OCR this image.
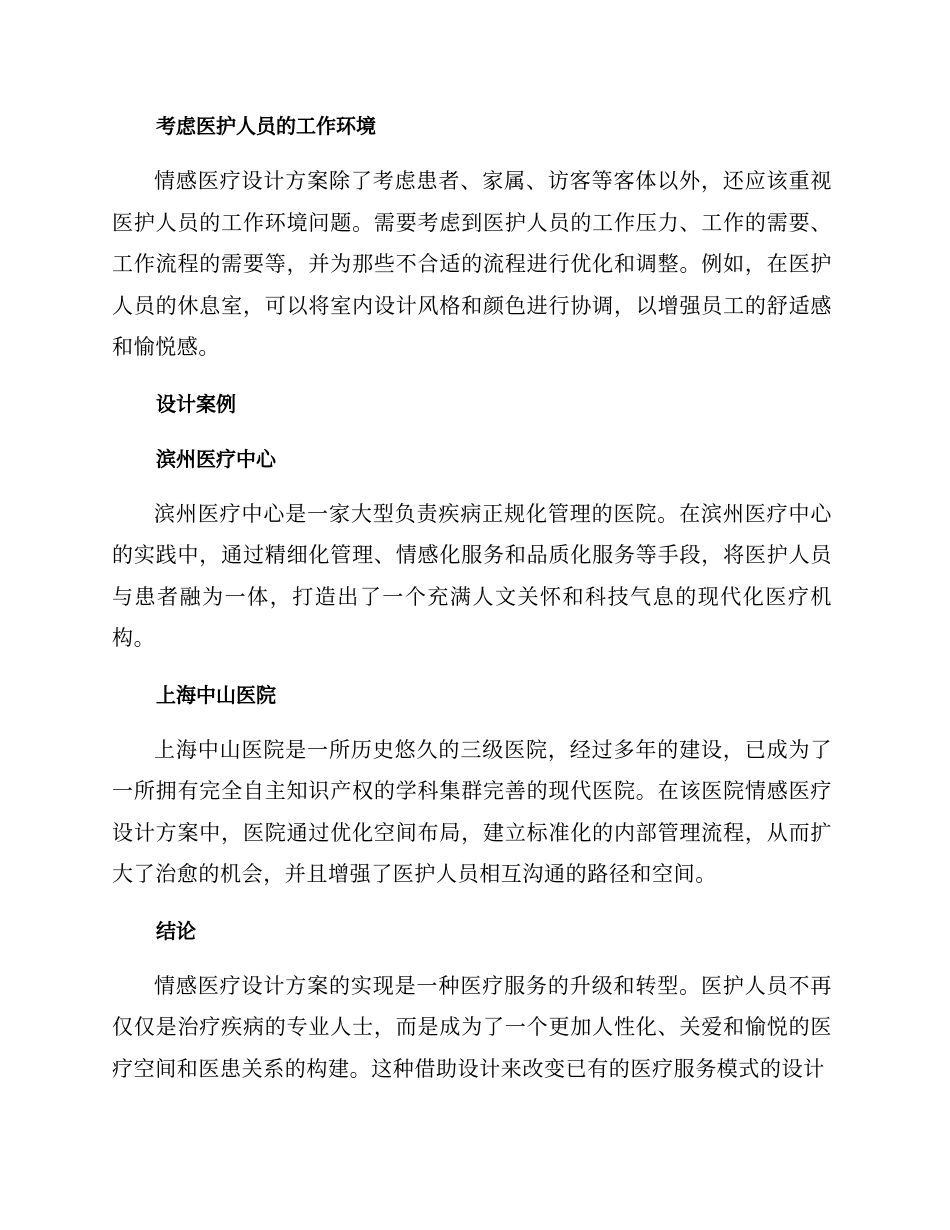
考虑医护人员的工作环境

情感医疗设计方案除了考虑患者、家属、访客等客体以外，还应该重视医护人员的工作环境问题。需要考虑到医护人员的工作压力、工作的需要、工作流程的需要等，并为那些不合适的流程进行优化和调整。例如，在医护人员的休息室，可以将室内设计风格和颜色进行协调，以增强员工的舒适感和愉悦感。

设计案例
滨州医疗中心

滨州医疗中心是一家大型负责疾病正规化管理的医院。在滨州医疗中心的实践中，通过精细化管理、情感化服务和品质化服务等手段，将医护人员与患者融为一体，打造出了一个充满人文关怀和科技气息的现代化医疗机构。

上海中山医院

上海中山医院是一所历史悠久的三级医院，经过多年的建设，已成为了一所拥有完全自主知识产权的学科集群完善的现代医院。在该医院情感医疗设计方案中，医院通过优化空间布局，建立标准化的内部管理流程，从而扩大了治愈的机会，并且增强了医护人员相互沟通的路径和空间。

结论

情感医疗设计方案的实现是一种医疗服务的升级和转型。医护人员不再仅仅是治疗疾病的专业人士，而是成为了一个更加人性化、关爱和愉悦的医疗空间和医患关系的构建。这种借助设计来改变已有的医疗服务模式的设计
